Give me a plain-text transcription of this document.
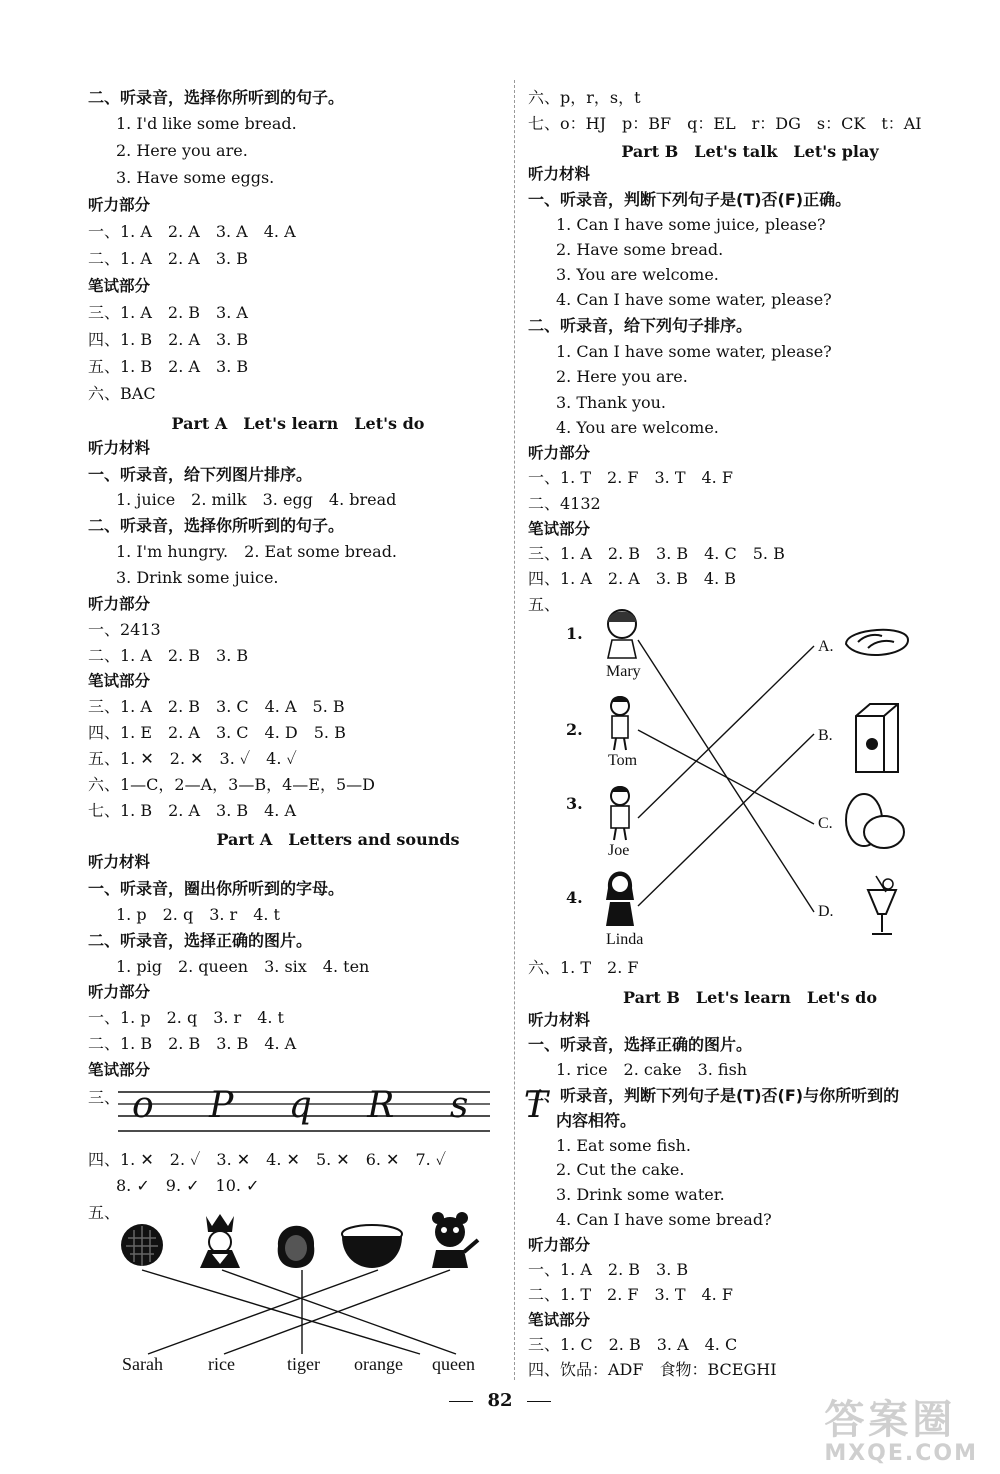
二、听录音，选择你所听到的句子。
1. I'd like some bread.
2. Here you are.
3. Have some eggs.
听力部分
一、1. A　2. A　3. A　4. A
二、1. A　2. A　3. B
笔试部分
三、1. A　2. B　3. A
四、1. B　2. A　3. B
五、1. B　2. A　3. B
六、BAC
Part A　Let's learn　Let's do
听力材料
一、听录音，给下列图片排序。
1. juice　2. milk　3. egg　4. bread
二、听录音，选择你所听到的句子。
1. I'm hungry.　2. Eat some bread.
3. Drink some juice.
听力部分
一、2413
二、1. A　2. B　3. B
笔试部分
三、1. A　2. B　3. C　4. A　5. B
四、1. E　2. A　3. C　4. D　5. B
五、1. ✕　2. ✕　3. ✓　4. ✓
六、1—C，2—A，3—B，4—E，5—D
七、1. B　2. A　3. B　4. A
Part A　Letters and sounds
听力材料
一、听录音，圈出你所听到的字母。
1. p　2. q　3. r　4. t
二、听录音，选择正确的图片。
1. pig　2. queen　3. six　4. ten
听力部分
一、1. p　2. q　3. r　4. t
二、1. B　2. B　3. B　4. A
笔试部分
三、 o P q R s T
四、1. ✕　2. ✓　3. ✕　4. ✕　5. ✕　6. ✕　7. ✓
8. ✓　9. ✓　10. ✓
五、
Sarah	rice	tiger orange queen
六、p，r，s，t
七、o：HJ　p：BF　q：EL　r：DG　s：CK　t：AI
Part B　Let's talk　Let's play
听力材料
一、听录音，判断下列句子是(T)否(F)正确。
1. Can I have some juice, please?
2. Have some bread.
3. You are welcome.
4. Can I have some water, please?
二、听录音，给下列句子排序。
1. Can I have some water, please?
2. Here you are.
3. Thank you.
4. You are welcome.
听力部分
一、1. T　2. F　3. T　4. F
二、4132
笔试部分
三、1. A　2. B　3. B　4. C　5. B
四、1. A　2. A　3. B　4. B
五、
1.
2.
3.
4.
Mary
Tom
Joe
Linda
A.
B.
C.
D.
六、1. T　2. F
Part B　Let's learn　Let's do
听力材料
一、听录音，选择正确的图片。
1. rice　2. cake　3. fish
二、听录音，判断下列句子是(T)否(F)与你所听到的
内容相符。
1. Eat some fish.
2. Cut the cake.
3. Drink some water.
4. Can I have some bread?
听力部分
一、1. A　2. B　3. B
二、1. T　2. F　3. T　4. F
笔试部分
三、1. C　2. B　3. A　4. C
四、饮品：ADF　食物：BCEGHI
82	答案圈
MXQE.COM
